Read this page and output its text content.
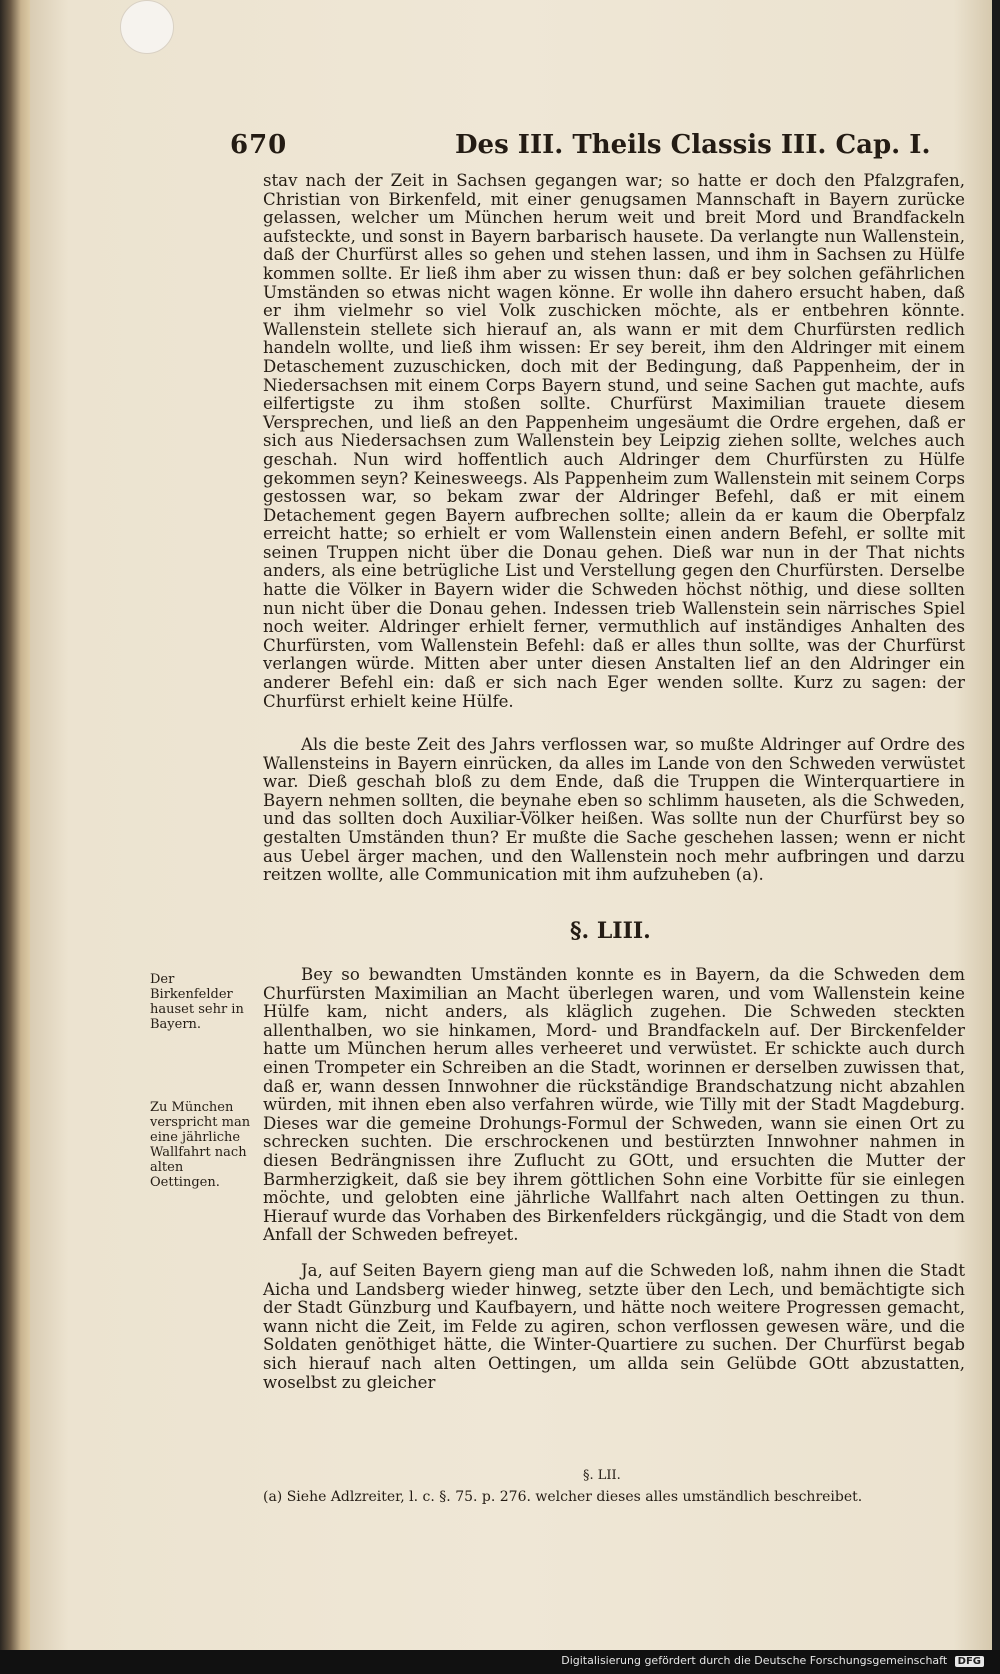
670	Des III. Theils Classis III. Cap. I.

stav nach der Zeit in Sachsen gegangen war; so hatte er doch den Pfalzgrafen, Christian von Birkenfeld, mit einer genugsamen Mannschaft in Bayern zurücke gelassen, welcher um München herum weit und breit Mord und Brandfackeln aufsteckte, und sonst in Bayern barbarisch hausete. Da verlangte nun Wallenstein, daß der Churfürst alles so gehen und stehen lassen, und ihm in Sachsen zu Hülfe kommen sollte. Er ließ ihm aber zu wissen thun: daß er bey solchen gefährlichen Umständen so etwas nicht wagen könne. Er wolle ihn dahero ersucht haben, daß er ihm vielmehr so viel Volk zuschicken möchte, als er entbehren könnte. Wallenstein stellete sich hierauf an, als wann er mit dem Churfürsten redlich handeln wollte, und ließ ihm wissen: Er sey bereit, ihm den Aldringer mit einem Detaschement zuzuschicken, doch mit der Bedingung, daß Pappenheim, der in Niedersachsen mit einem Corps Bayern stund, und seine Sachen gut machte, aufs eilfertigste zu ihm stoßen sollte. Churfürst Maximilian trauete diesem Versprechen, und ließ an den Pappenheim ungesäumt die Ordre ergehen, daß er sich aus Niedersachsen zum Wallenstein bey Leipzig ziehen sollte, welches auch geschah. Nun wird hoffentlich auch Aldringer dem Churfürsten zu Hülfe gekommen seyn? Keinesweegs. Als Pappenheim zum Wallenstein mit seinem Corps gestossen war, so bekam zwar der Aldringer Befehl, daß er mit einem Detachement gegen Bayern aufbrechen sollte; allein da er kaum die Oberpfalz erreicht hatte; so erhielt er vom Wallenstein einen andern Befehl, er sollte mit seinen Truppen nicht über die Donau gehen. Dieß war nun in der That nichts anders, als eine betrügliche List und Verstellung gegen den Churfürsten. Derselbe hatte die Völker in Bayern wider die Schweden höchst nöthig, und diese sollten nun nicht über die Donau gehen. Indessen trieb Wallenstein sein närrisches Spiel noch weiter. Aldringer erhielt ferner, vermuthlich auf inständiges Anhalten des Churfürsten, vom Wallenstein Befehl: daß er alles thun sollte, was der Churfürst verlangen würde. Mitten aber unter diesen Anstalten lief an den Aldringer ein anderer Befehl ein: daß er sich nach Eger wenden sollte. Kurz zu sagen: der Churfürst erhielt keine Hülfe.

Als die beste Zeit des Jahrs verflossen war, so mußte Aldringer auf Ordre des Wallensteins in Bayern einrücken, da alles im Lande von den Schweden verwüstet war. Dieß geschah bloß zu dem Ende, daß die Truppen die Winterquartiere in Bayern nehmen sollten, die beynahe eben so schlimm hauseten, als die Schweden, und das sollten doch Auxiliar-Völker heißen. Was sollte nun der Churfürst bey so gestalten Umständen thun? Er mußte die Sache geschehen lassen; wenn er nicht aus Uebel ärger machen, und den Wallenstein noch mehr aufbringen und darzu reitzen wollte, alle Communication mit ihm aufzuheben (a).

§. LIII.

Bey so bewandten Umständen konnte es in Bayern, da die Schweden dem Churfürsten Maximilian an Macht überlegen waren, und vom Wallenstein keine Hülfe kam, nicht anders, als kläglich zugehen. Die Schweden steckten allenthalben, wo sie hinkamen, Mord- und Brandfackeln auf. Der Birckenfelder hatte um München herum alles verheeret und verwüstet. Er schickte auch durch einen Trompeter ein Schreiben an die Stadt, worinnen er derselben zuwissen that, daß er, wann dessen Innwohner die rückständige Brandschatzung nicht abzahlen würden, mit ihnen eben also verfahren würde, wie Tilly mit der Stadt Magdeburg. Dieses war die gemeine Drohungs-Formul der Schweden, wann sie einen Ort zu schrecken suchten. Die erschrockenen und bestürzten Innwohner nahmen in diesen Bedrängnissen ihre Zuflucht zu GOtt, und ersuchten die Mutter der Barmherzigkeit, daß sie bey ihrem göttlichen Sohn eine Vorbitte für sie einlegen möchte, und gelobten eine jährliche Wallfahrt nach alten Oettingen zu thun. Hierauf wurde das Vorhaben des Birkenfelders rückgängig, und die Stadt von dem Anfall der Schweden befreyet.

Der Birkenfelder hauset sehr in Bayern.

Zu München verspricht man eine jährliche Wallfahrt nach alten Oettingen.

Ja, auf Seiten Bayern gieng man auf die Schweden loß, nahm ihnen die Stadt Aicha und Landsberg wieder hinweg, setzte über den Lech, und bemächtigte sich der Stadt Günzburg und Kaufbayern, und hätte noch weitere Progressen gemacht, wann nicht die Zeit, im Felde zu agiren, schon verflossen gewesen wäre, und die Soldaten genöthiget hätte, die Winter-Quartiere zu suchen. Der Churfürst begab sich hierauf nach alten Oettingen, um allda sein Gelübde GOtt abzustatten, woselbst zu gleicher

§. LII.
(a) Siehe Adlzreiter, l. c. §. 75. p. 276. welcher dieses alles umständlich beschreibet.
Digitalisierung gefördert durch die Deutsche Forschungsgemeinschaft DFG
